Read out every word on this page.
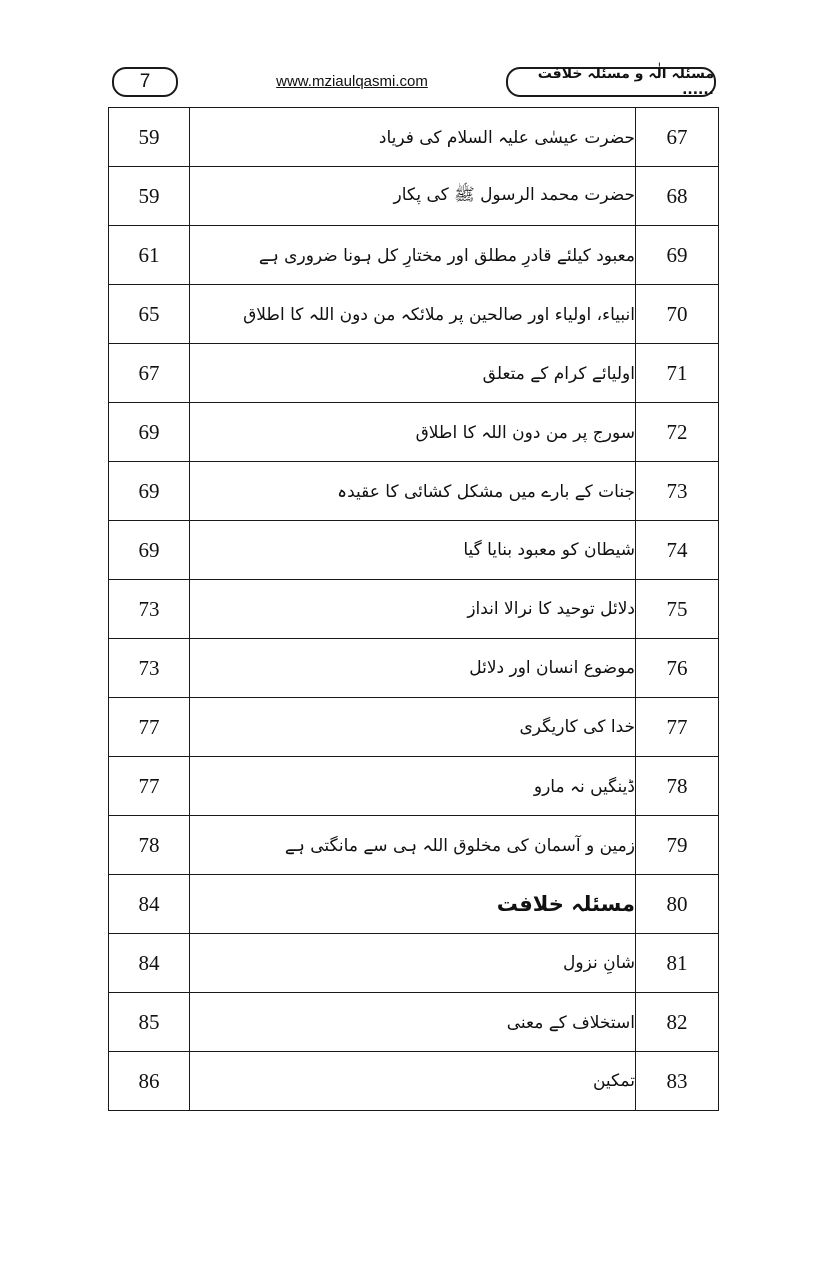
7	www.mziaulqasmi.com	مسئلہ الٰہ و مسئلہ خلافت ......
59	حضرت عیسٰی علیہ السلام کی فریاد	67
59	حضرت محمد الرسول ﷺ کی پکار	68
61	معبود کیلئے قادرِ مطلق اور مختارِ کل ہونا ضروری ہے	69
65	انبیاء، اولیاء اور صالحین پر ملائکہ من دون اللہ کا اطلاق	70
67	اولیائے کرام کے متعلق	71
69	سورج پر من دون اللہ کا اطلاق	72
69	جنات کے بارے میں مشکل کشائی کا عقیدہ	73
69	شیطان کو معبود بنایا گیا	74
73	دلائل توحید کا نرالا انداز	75
73	موضوع انسان اور دلائل	76
77	خدا کی کاریگری	77
77	ڈینگیں نہ مارو	78
78	زمین و آسمان کی مخلوق اللہ ہی سے مانگتی ہے	79
84	مسئلہ خلافت	80
84	شانِ نزول	81
85	استخلاف کے معنی	82
86	تمکین	83
